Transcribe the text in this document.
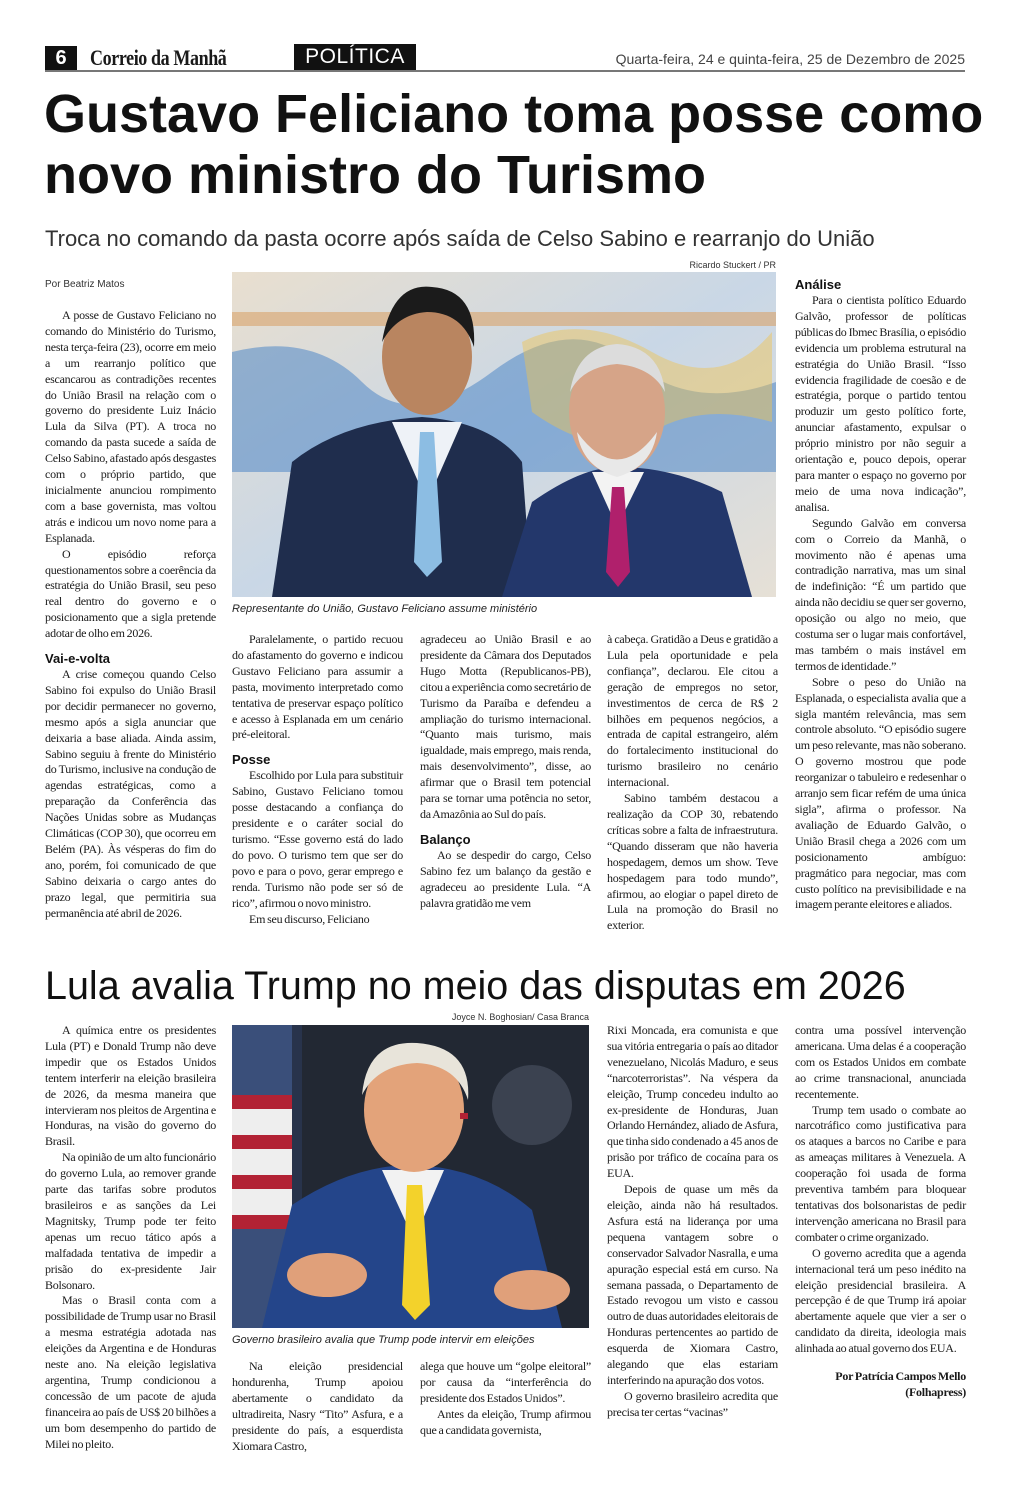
6	Correio da Manhã	POLÍTICA	Quarta-feira, 24 e quinta-feira, 25 de Dezembro de 2025
Gustavo Feliciano toma posse como novo ministro do Turismo
Troca no comando da pasta ocorre após saída de Celso Sabino e rearranjo do União
Por Beatriz Matos
Ricardo Stuckert / PR
Representante do União, Gustavo Feliciano assume ministério

A posse de Gustavo Feliciano no comando do Ministério do Turismo, nesta terça-feira (23), ocorre em meio a um rearranjo político que escancarou as contradições recentes do União Brasil na relação com o governo do presidente Luiz Inácio Lula da Silva (PT). A troca no comando da pasta sucede a saída de Celso Sabino, afastado após desgastes com o próprio partido, que inicialmente anunciou rompimento com a base governista, mas voltou atrás e indicou um novo nome para a Esplanada.

O episódio reforça questionamentos sobre a coerência da estratégia do União Brasil, seu peso real dentro do governo e o posicionamento que a sigla pretende adotar de olho em 2026.

Vai-e-volta

A crise começou quando Celso Sabino foi expulso do União Brasil por decidir permanecer no governo, mesmo após a sigla anunciar que deixaria a base aliada. Ainda assim, Sabino seguiu à frente do Ministério do Turismo, inclusive na condução de agendas estratégicas, como a preparação da Conferência das Nações Unidas sobre as Mudanças Climáticas (COP 30), que ocorreu em Belém (PA). Às vésperas do fim do ano, porém, foi comunicado de que Sabino deixaria o cargo antes do prazo legal, que permitiria sua permanência até abril de 2026.

Paralelamente, o partido recuou do afastamento do governo e indicou Gustavo Feliciano para assumir a pasta, movimento interpretado como tentativa de preservar espaço político e acesso à Esplanada em um cenário pré-eleitoral.

Posse

Escolhido por Lula para substituir Sabino, Gustavo Feliciano tomou posse destacando a confiança do presidente e o caráter social do turismo. “Esse governo está do lado do povo. O turismo tem que ser do povo e para o povo, gerar emprego e renda. Turismo não pode ser só de rico”, afirmou o novo ministro.

Em seu discurso, Feliciano

agradeceu ao União Brasil e ao presidente da Câmara dos Deputados Hugo Motta (Republicanos-PB), citou a experiência como secretário de Turismo da Paraíba e defendeu a ampliação do turismo internacional. “Quanto mais turismo, mais igualdade, mais emprego, mais renda, mais desenvolvimento”, disse, ao afirmar que o Brasil tem potencial para se tornar uma potência no setor, da Amazônia ao Sul do país.

Balanço

Ao se despedir do cargo, Celso Sabino fez um balanço da gestão e agradeceu ao presidente Lula. “A palavra gratidão me vem

à cabeça. Gratidão a Deus e gratidão a Lula pela oportunidade e pela confiança”, declarou. Ele citou a geração de empregos no setor, investimentos de cerca de R$ 2 bilhões em pequenos negócios, a entrada de capital estrangeiro, além do fortalecimento institucional do turismo brasileiro no cenário internacional.

Sabino também destacou a realização da COP 30, rebatendo críticas sobre a falta de infraestrutura. “Quando disseram que não haveria hospedagem, demos um show. Teve hospedagem para todo mundo”, afirmou, ao elogiar o papel direto de Lula na promoção do Brasil no exterior.

Análise

Para o cientista político Eduardo Galvão, professor de políticas públicas do Ibmec Brasília, o episódio evidencia um problema estrutural na estratégia do União Brasil. “Isso evidencia fragilidade de coesão e de estratégia, porque o partido tentou produzir um gesto político forte, anunciar afastamento, expulsar o próprio ministro por não seguir a orientação e, pouco depois, operar para manter o espaço no governo por meio de uma nova indicação”, analisa.

Segundo Galvão em conversa com o Correio da Manhã, o movimento não é apenas uma contradição narrativa, mas um sinal de indefinição: “É um partido que ainda não decidiu se quer ser governo, oposição ou algo no meio, que costuma ser o lugar mais confortável, mas também o mais instável em termos de identidade.”

Sobre o peso do União na Esplanada, o especialista avalia que a sigla mantém relevância, mas sem controle absoluto. “O episódio sugere um peso relevante, mas não soberano. O governo mostrou que pode reorganizar o tabuleiro e redesenhar o arranjo sem ficar refém de uma única sigla”, afirma o professor. Na avaliação de Eduardo Galvão, o União Brasil chega a 2026 com um posicionamento ambíguo: pragmático para negociar, mas com custo político na previsibilidade e na imagem perante eleitores e aliados.

Lula avalia Trump no meio das disputas em 2026
Joyce N. Boghosian/ Casa Branca
Governo brasileiro avalia que Trump pode intervir em eleições

A química entre os presidentes Lula (PT) e Donald Trump não deve impedir que os Estados Unidos tentem interferir na eleição brasileira de 2026, da mesma maneira que intervieram nos pleitos de Argentina e Honduras, na visão do governo do Brasil.

Na opinião de um alto funcionário do governo Lula, ao remover grande parte das tarifas sobre produtos brasileiros e as sanções da Lei Magnitsky, Trump pode ter feito apenas um recuo tático após a malfadada tentativa de impedir a prisão do ex-presidente Jair Bolsonaro.

Mas o Brasil conta com a possibilidade de Trump usar no Brasil a mesma estratégia adotada nas eleições da Argentina e de Honduras neste ano. Na eleição legislativa argentina, Trump condicionou a concessão de um pacote de ajuda financeira ao país de US$ 20 bilhões a um bom desempenho do partido de Milei no pleito.

Na eleição presidencial hondurenha, Trump apoiou abertamente o candidato da ultradireita, Nasry “Tito” Asfura, e a presidente do país, a esquerdista Xiomara Castro,

alega que houve um “golpe eleitoral” por causa da “interferência do presidente dos Estados Unidos”.

Antes da eleição, Trump afirmou que a candidata governista,

Rixi Moncada, era comunista e que sua vitória entregaria o país ao ditador venezuelano, Nicolás Maduro, e seus “narcoterroristas”. Na véspera da eleição, Trump concedeu indulto ao ex-presidente de Honduras, Juan Orlando Hernández, aliado de Asfura, que tinha sido condenado a 45 anos de prisão por tráfico de cocaína para os EUA.

Depois de quase um mês da eleição, ainda não há resultados. Asfura está na liderança por uma pequena vantagem sobre o conservador Salvador Nasralla, e uma apuração especial está em curso. Na semana passada, o Departamento de Estado revogou um visto e cassou outro de duas autoridades eleitorais de Honduras pertencentes ao partido de esquerda de Xiomara Castro, alegando que elas estariam interferindo na apuração dos votos.

O governo brasileiro acredita que precisa ter certas “vacinas”

contra uma possível intervenção americana. Uma delas é a cooperação com os Estados Unidos em combate ao crime transnacional, anunciada recentemente.

Trump tem usado o combate ao narcotráfico como justificativa para os ataques a barcos no Caribe e para as ameaças militares à Venezuela. A cooperação foi usada de forma preventiva também para bloquear tentativas dos bolsonaristas de pedir intervenção americana no Brasil para combater o crime organizado.

O governo acredita que a agenda internacional terá um peso inédito na eleição presidencial brasileira. A percepção é de que Trump irá apoiar abertamente aquele que vier a ser o candidato da direita, ideologia mais alinhada ao atual governo dos EUA.

Por Patrícia Campos Mello (Folhapress)
